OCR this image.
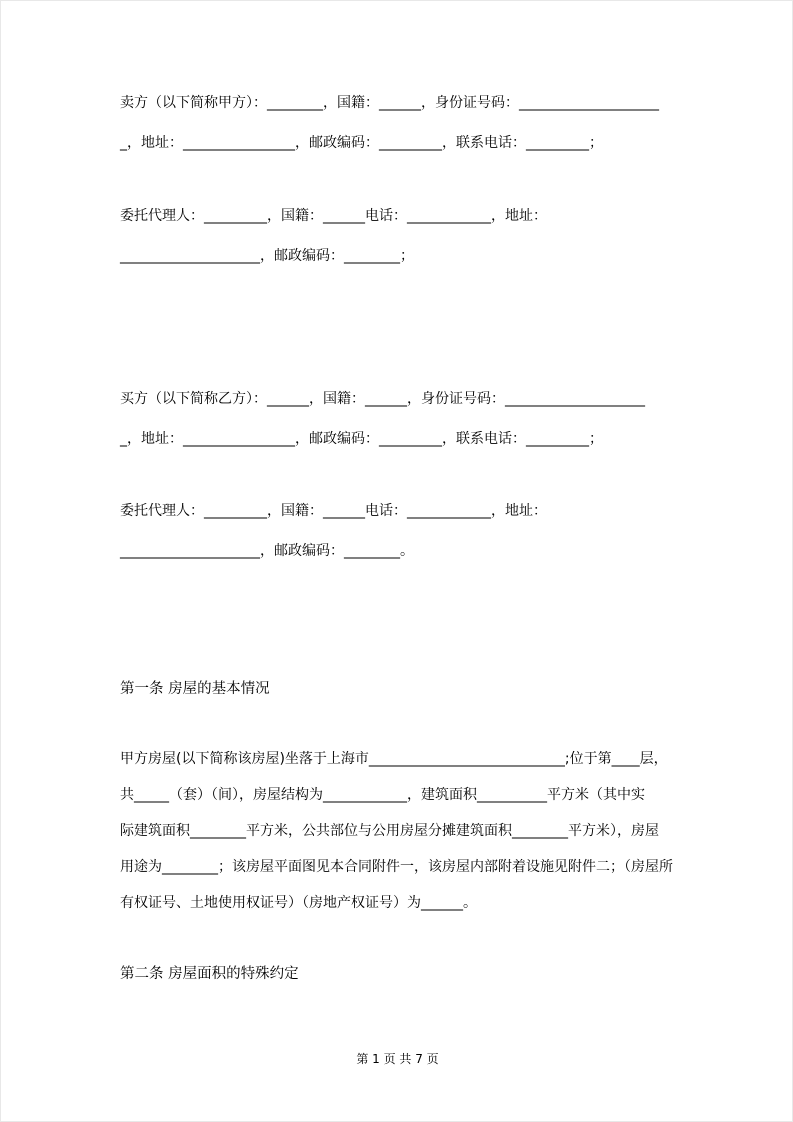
卖方（以下简称甲方）：________，国籍：______，身份证号码：____________________
_，地址：________________，邮政编码：_________，联系电话：_________；
委托代理人：_________，国籍：______电话：____________，地址：
____________________，邮政编码：________；
买方（以下简称乙方）：______，国籍：______，身份证号码：____________________
_，地址：________________，邮政编码：_________，联系电话：_________；
委托代理人：_________，国籍：______电话：____________，地址：
____________________，邮政编码：________。
第一条 房屋的基本情况
甲方房屋(以下简称该房屋)坐落于上海市____________________________;位于第____层，
共_____（套）（间），房屋结构为____________，建筑面积__________平方米（其中实
际建筑面积________平方米，公共部位与公用房屋分摊建筑面积________平方米），房屋
用途为________；该房屋平面图见本合同附件一，该房屋内部附着设施见附件二；（房屋所
有权证号、土地使用权证号）（房地产权证号）为______。
第二条 房屋面积的特殊约定
第 1 页 共 7 页
